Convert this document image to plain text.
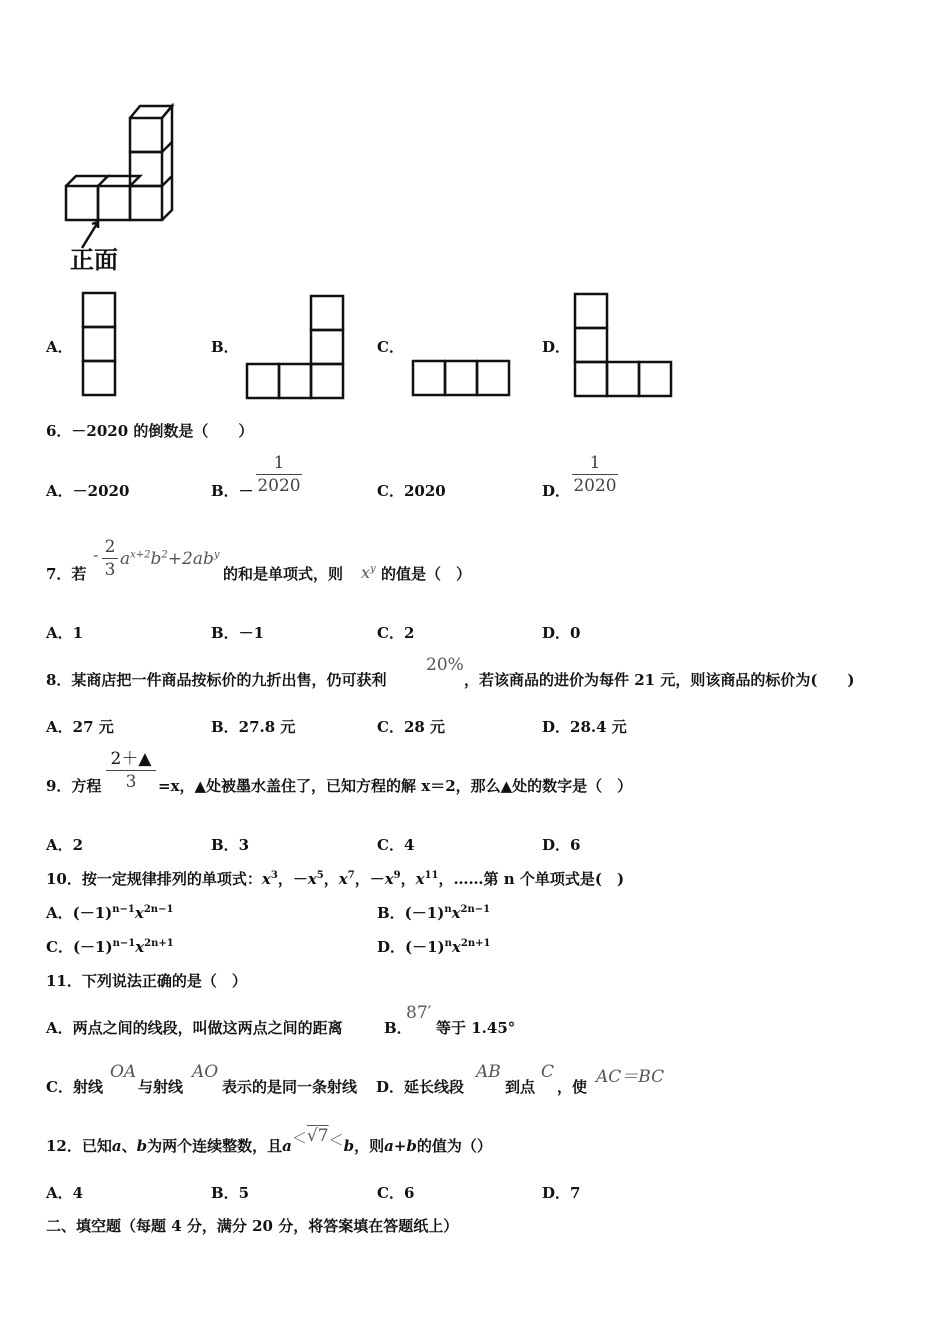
正面
A．	B．	C．	D．
6．－2020 的倒数是（　　）
A．－2020	B．－
1
2020	C．2020	D．
1
2020
7．若
- 2
3
$a^{x+2}b^2+2ab^y$
的和是单项式，则 $x^y$ 的值是（　）
A．1	B．－1	C．2	D．0
8．某商店把一件商品按标价的九折出售，仍可获利
20%
，若该商品的进价为每件 21 元，则该商品的标价为(　　)
A．27 元	B．27.8 元	C．28 元	D．28.4 元
9．方程
2＋▲
3	=x，▲处被墨水盖住了，已知方程的解 x＝2，那么▲处的数字是（　）
A．2	B．3	C．4	D．6
10．按一定规律排列的单项式：$x^3$，$-x^5$，$x^7$，$-x^9$，$x^{11}$，……第 n 个单项式是(　)
A．$(-1)^{n-1}x^{2n-1}$	B．$(-1)^nx^{2n-1}$
C．$(-1)^{n-1}x^{2n+1}$	D．$(-1)^nx^{2n+1}$
11．下列说法正确的是（　）
A．两点之间的线段，叫做这两点之间的距离	B．
87′
等于 1.45°
C．射线
OA
与射线
AO
表示的是同一条射线 D．延长线段
AB
到点
C
，使 AC＝BC
12．已知a、b为两个连续整数，且a＜√7＜b，则a+b的值为（）
A．4	B．5	C．6	D．7
二、填空题（每题 4 分，满分 20 分，将答案填在答题纸上）
